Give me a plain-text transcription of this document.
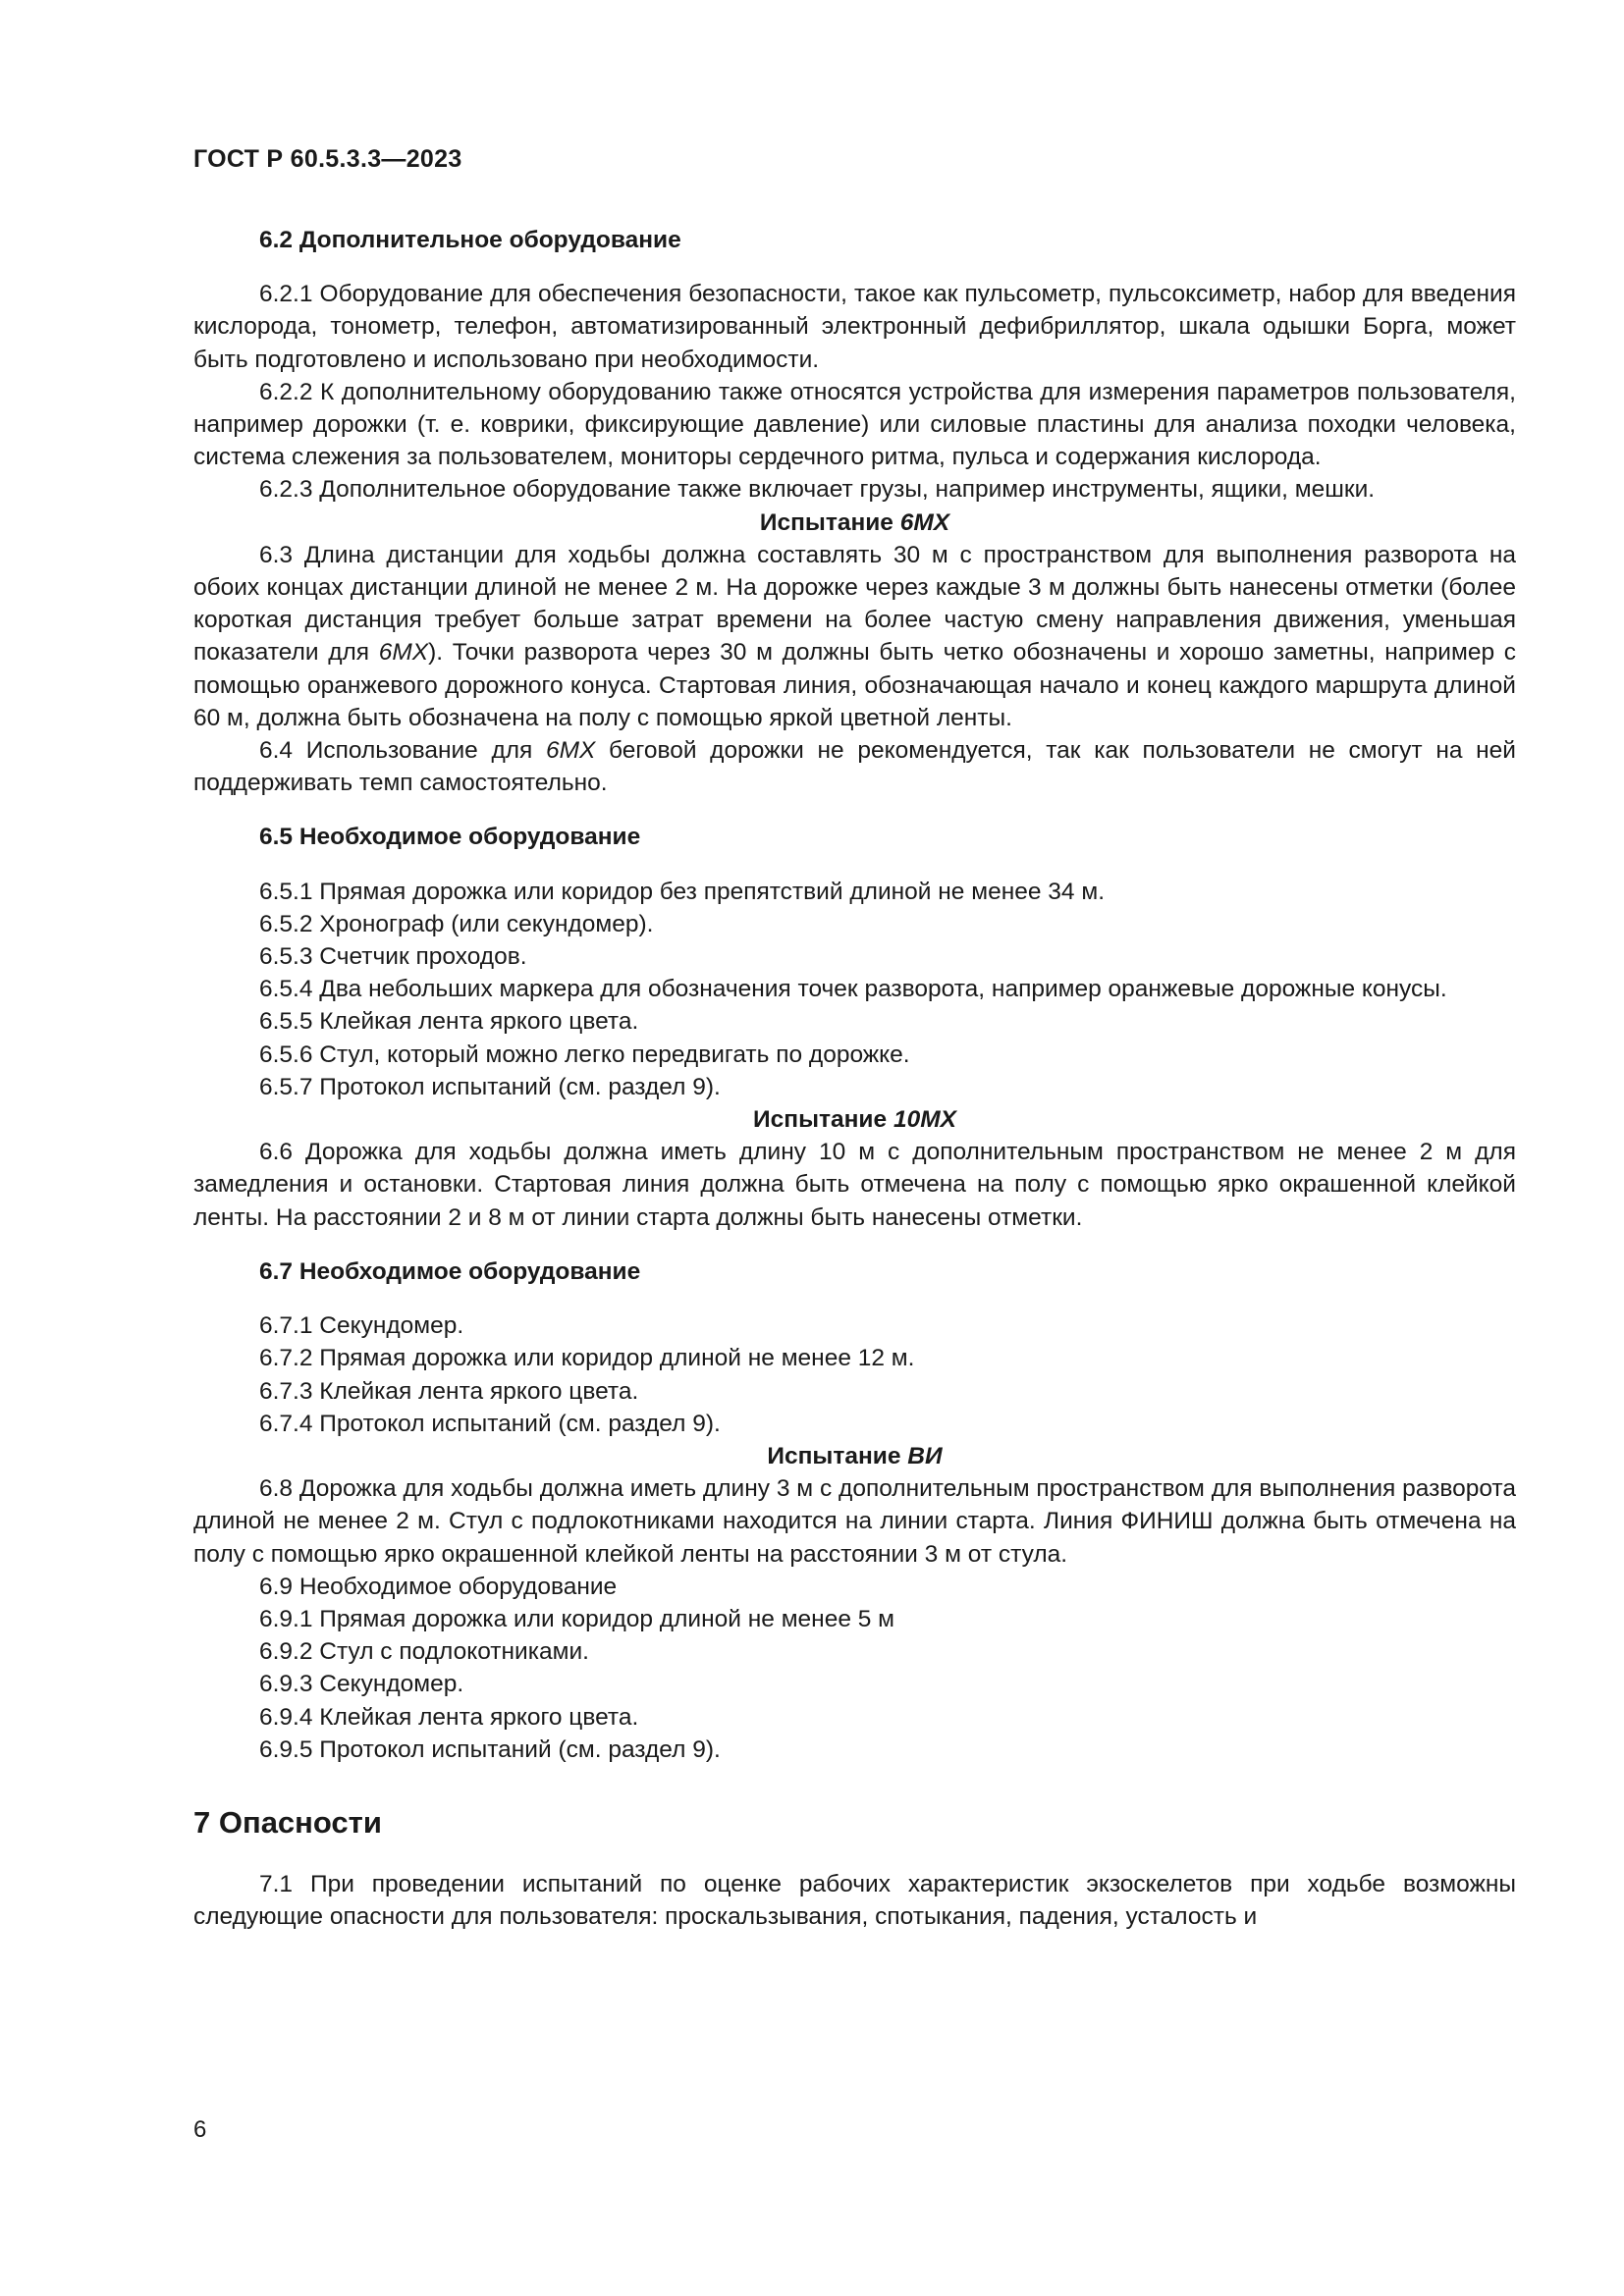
ГОСТ Р 60.5.3.3—2023

6.2 Дополнительное оборудование

6.2.1 Оборудование для обеспечения безопасности, такое как пульсометр, пульсоксиметр, набор для введения кислорода, тонометр, телефон, автоматизированный электронный дефибриллятор, шкала одышки Борга, может быть подготовлено и использовано при необходимости.

6.2.2 К дополнительному оборудованию также относятся устройства для измерения параметров пользователя, например дорожки (т. е. коврики, фиксирующие давление) или силовые пластины для анализа походки человека, система слежения за пользователем, мониторы сердечного ритма, пульса и содержания кислорода.

6.2.3 Дополнительное оборудование также включает грузы, например инструменты, ящики, мешки.

Испытание 6МХ

6.3 Длина дистанции для ходьбы должна составлять 30 м с пространством для выполнения разворота на обоих концах дистанции длиной не менее 2 м. На дорожке через каждые 3 м должны быть нанесены отметки (более короткая дистанция требует больше затрат времени на более частую смену направления движения, уменьшая показатели для 6МХ). Точки разворота через 30 м должны быть четко обозначены и хорошо заметны, например с помощью оранжевого дорожного конуса. Стартовая линия, обозначающая начало и конец каждого маршрута длиной 60 м, должна быть обозначена на полу с помощью яркой цветной ленты.

6.4 Использование для 6МХ беговой дорожки не рекомендуется, так как пользователи не смогут на ней поддерживать темп самостоятельно.

6.5 Необходимое оборудование

6.5.1 Прямая дорожка или коридор без препятствий длиной не менее 34 м.

6.5.2 Хронограф (или секундомер).

6.5.3 Счетчик проходов.

6.5.4 Два небольших маркера для обозначения точек разворота, например оранжевые дорожные конусы.

6.5.5 Клейкая лента яркого цвета.

6.5.6 Стул, который можно легко передвигать по дорожке.

6.5.7 Протокол испытаний (см. раздел 9).

Испытание 10МХ

6.6 Дорожка для ходьбы должна иметь длину 10 м с дополнительным пространством не менее 2 м для замедления и остановки. Стартовая линия должна быть отмечена на полу с помощью ярко окрашенной клейкой ленты. На расстоянии 2 и 8 м от линии старта должны быть нанесены отметки.

6.7 Необходимое оборудование

6.7.1 Секундомер.

6.7.2 Прямая дорожка или коридор длиной не менее 12 м.

6.7.3 Клейкая лента яркого цвета.

6.7.4 Протокол испытаний (см. раздел 9).

Испытание ВИ

6.8 Дорожка для ходьбы должна иметь длину 3 м с дополнительным пространством для выполнения разворота длиной не менее 2 м. Стул с подлокотниками находится на линии старта. Линия ФИНИШ должна быть отмечена на полу с помощью ярко окрашенной клейкой ленты на расстоянии 3 м от стула.

6.9 Необходимое оборудование

6.9.1 Прямая дорожка или коридор длиной не менее 5 м

6.9.2 Стул с подлокотниками.

6.9.3 Секундомер.

6.9.4 Клейкая лента яркого цвета.

6.9.5 Протокол испытаний (см. раздел 9).

7 Опасности

7.1 При проведении испытаний по оценке рабочих характеристик экзоскелетов при ходьбе возможны следующие опасности для пользователя: проскальзывания, спотыкания, падения, усталость и

6
